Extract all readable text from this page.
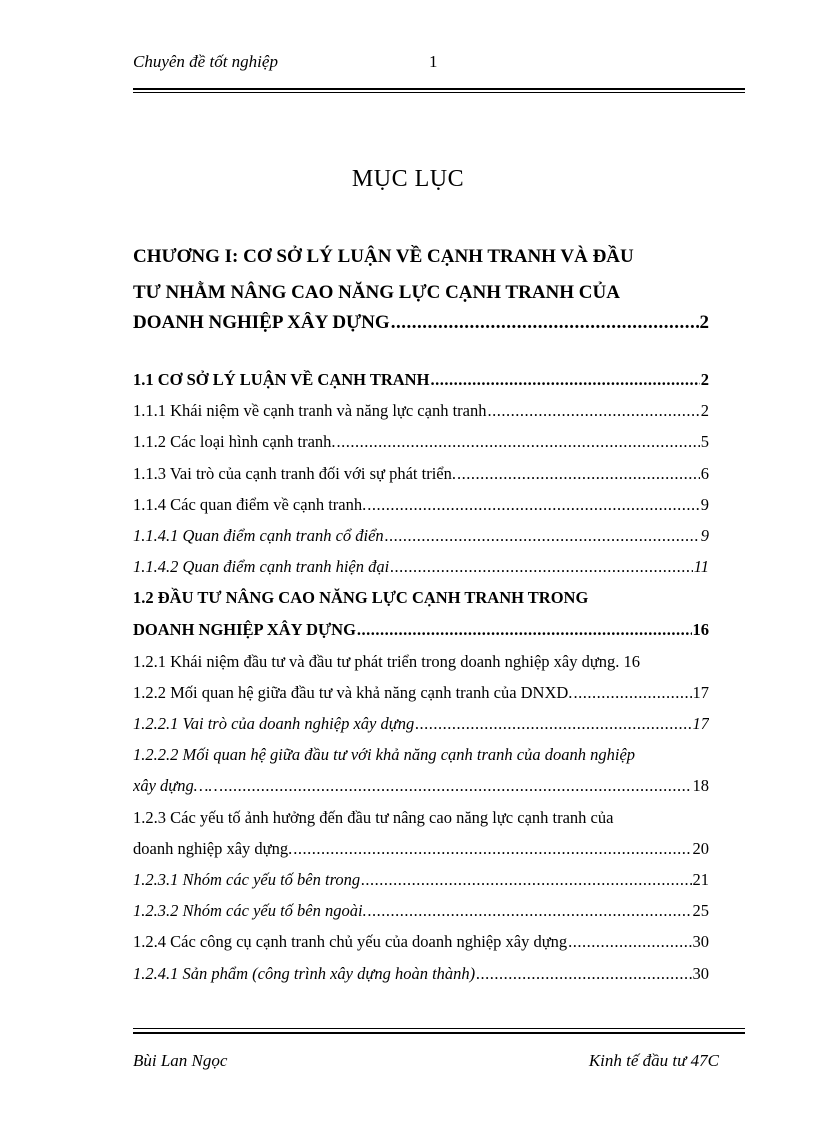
Chuyên đề tốt nghiệp	1
MỤC LỤC
CHƯƠNG I: CƠ SỞ LÝ LUẬN VỀ CẠNH TRANH VÀ ĐẦU
TƯ NHẰM NÂNG CAO NĂNG LỰC CẠNH TRANH CỦA
DOANH NGHIỆP XÂY DỰNG .....	2
1.1 CƠ SỞ LÝ LUẬN VỀ CẠNH TRANH .....	2
1.1.1 Khái niệm về cạnh tranh và năng lực cạnh tranh .....	2
1.1.2 Các loại hình cạnh tranh. .....	5
1.1.3 Vai trò của cạnh tranh đối với sự phát triển. .....	6
1.1.4 Các quan điểm về cạnh tranh. .....	9
1.1.4.1 Quan điểm cạnh tranh cổ điển .....	9
1.1.4.2 Quan điểm cạnh tranh hiện đại .....	11
1.2 ĐẦU TƯ NÂNG CAO NĂNG LỰC CẠNH TRANH TRONG
DOANH NGHIỆP XÂY DỰNG .....	16
1.2.1 Khái niệm đầu tư và đầu tư phát triển trong doanh nghiệp xây dựng. 16
1.2.2 Mối quan hệ giữa đầu tư và khả năng cạnh tranh của DNXD. .....	17
1.2.2.1 Vai trò của doanh nghiệp xây dựng .....	17
1.2.2.2 Mối quan hệ giữa đầu tư với khả năng cạnh tranh của doanh nghiệp
xây dựng…… .....	18
1.2.3 Các yếu tố ảnh hưởng đến đầu tư nâng cao năng lực cạnh tranh của
doanh nghiệp xây dựng. .....	20
1.2.3.1 Nhóm các yếu tố bên trong .....	21
1.2.3.2 Nhóm các yếu tố bên ngoài. .....	25
1.2.4 Các công cụ cạnh tranh chủ yếu của doanh nghiệp xây dựng .....	30
1.2.4.1 Sản phẩm (công trình xây dựng hoàn thành) .....	30
Bùi Lan Ngọc	Kinh tế đầu tư 47C
